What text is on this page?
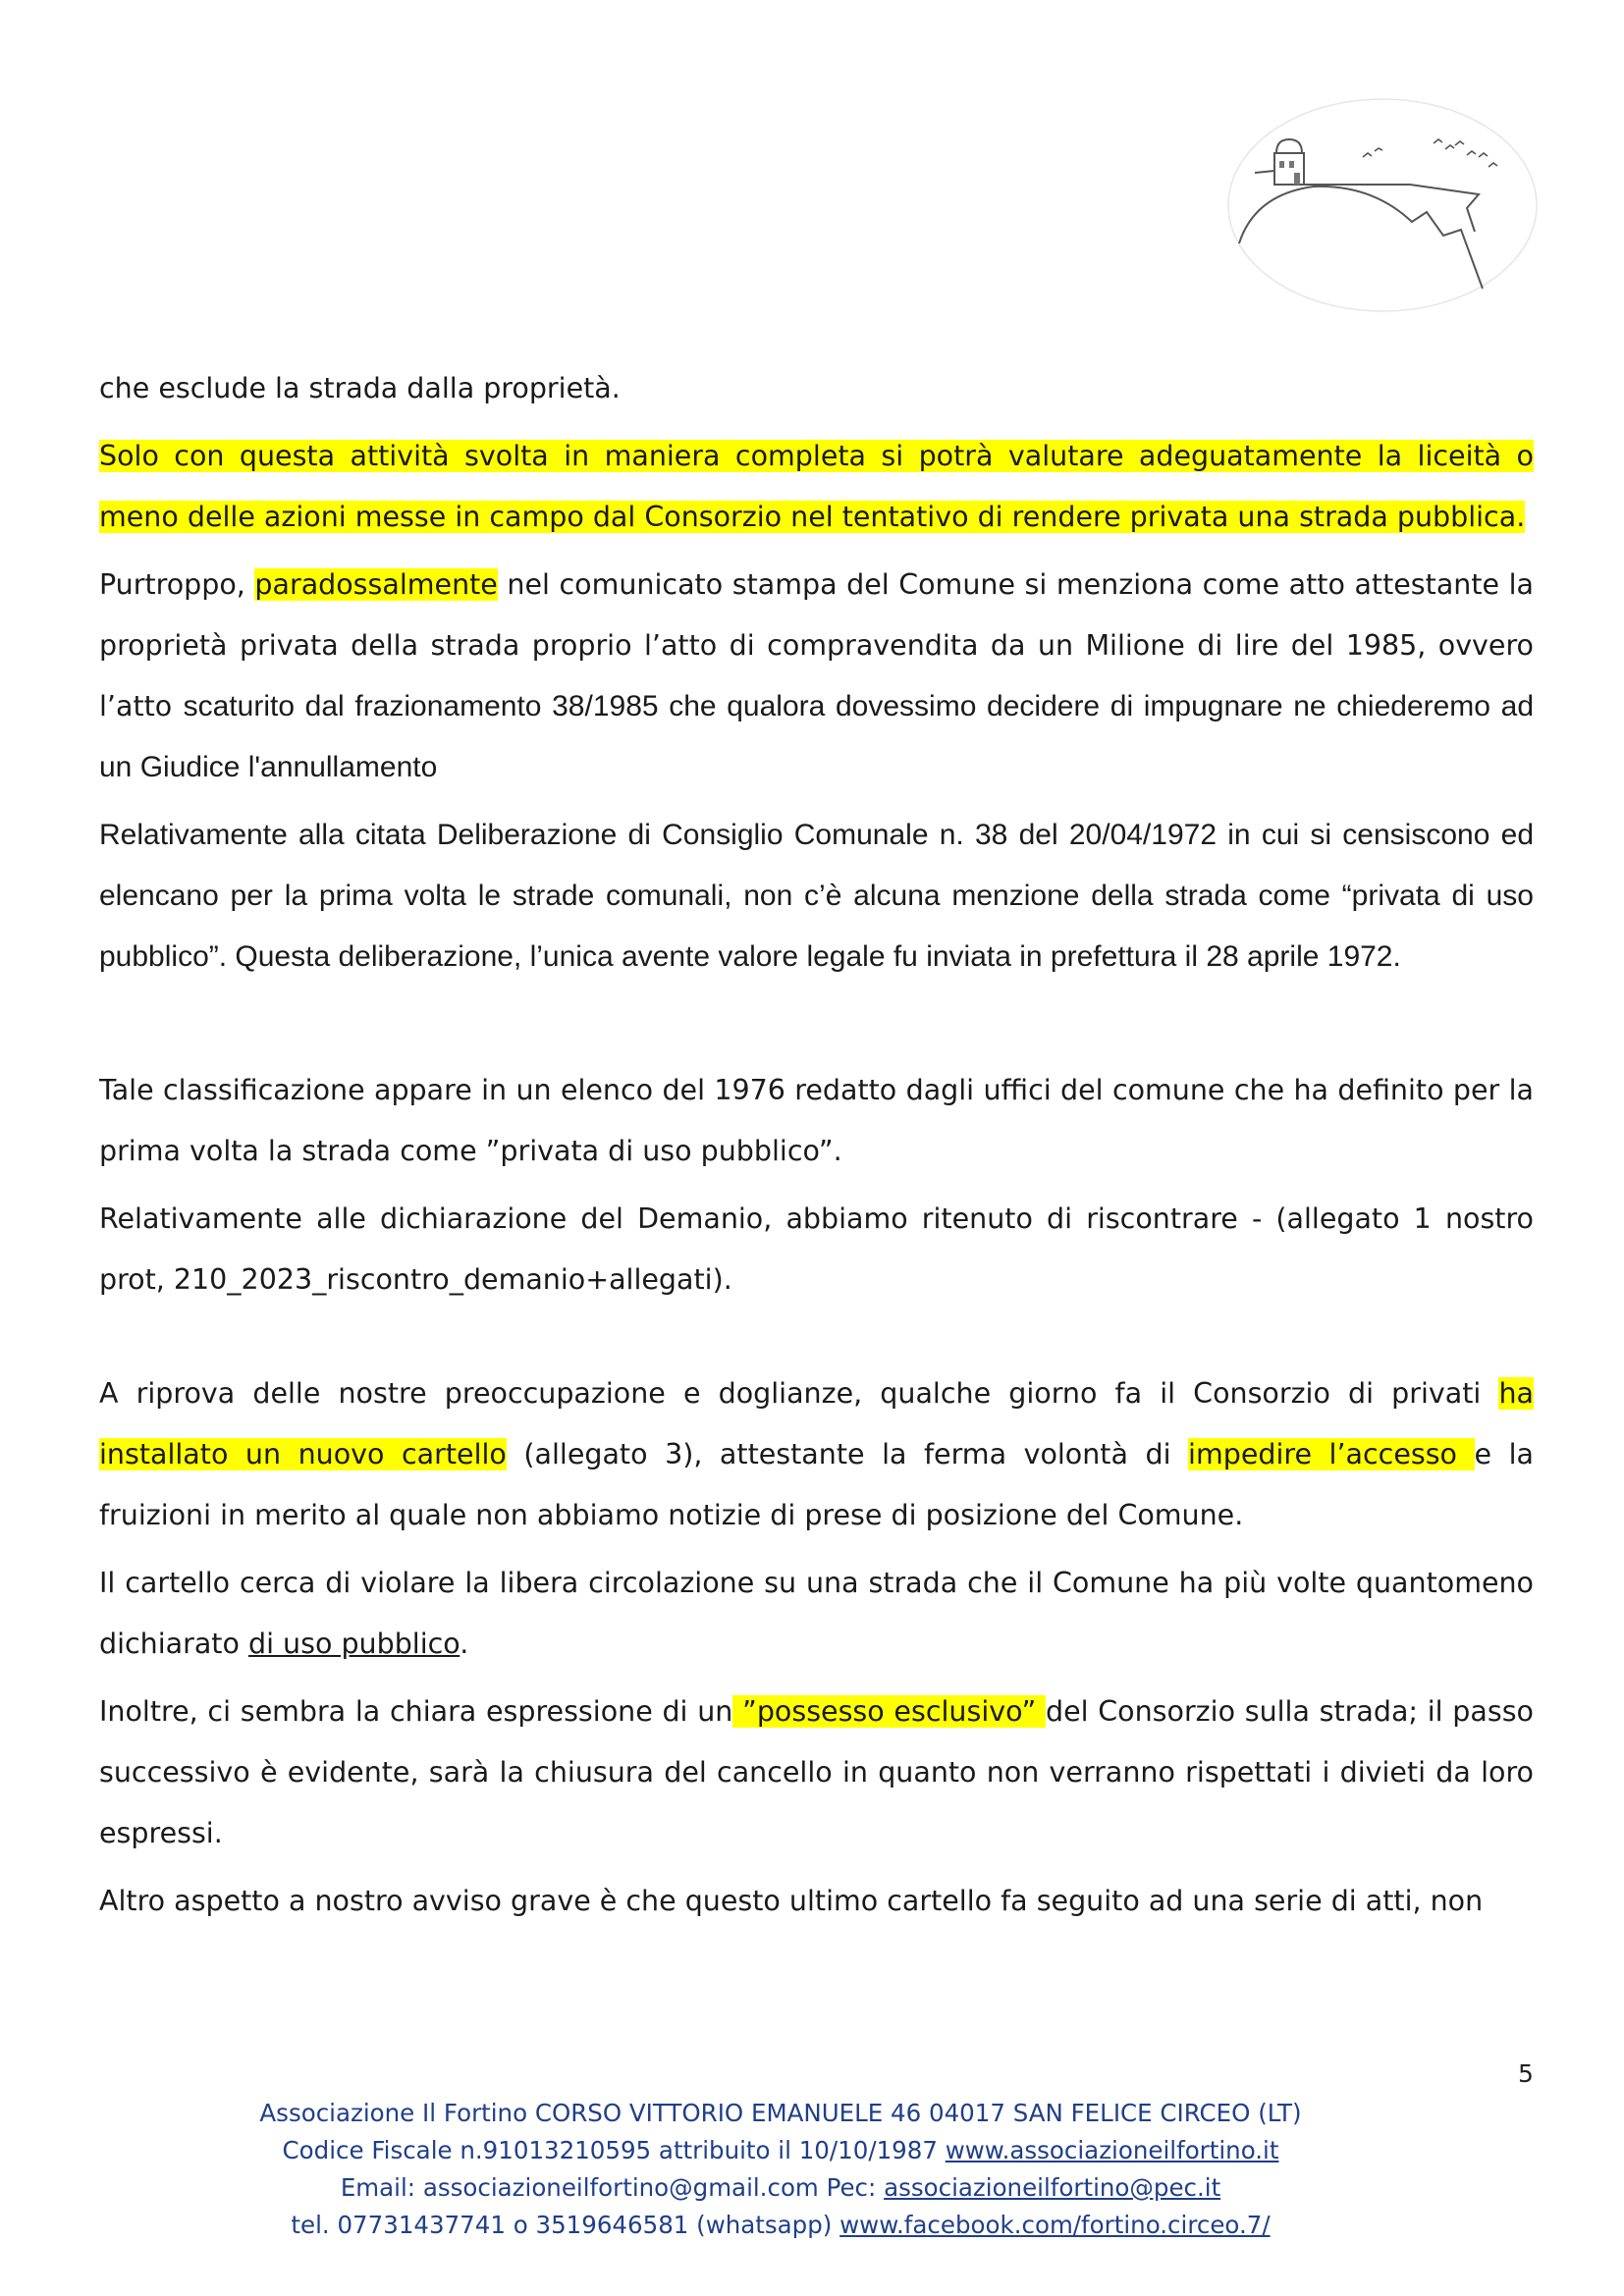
che esclude la strada dalla proprietà.

Solo con questa attività svolta in maniera completa si potrà valutare adeguatamente la liceità o meno delle azioni messe in campo dal Consorzio nel tentativo di rendere privata una strada pubblica.

Purtroppo, paradossalmente nel comunicato stampa del Comune si menziona come atto attestante la proprietà privata della strada proprio l’atto di compravendita da un Milione di lire del 1985, ovvero l’atto scaturito dal frazionamento 38/1985 che qualora dovessimo decidere di impugnare ne chiederemo ad un Giudice l'annullamento

Relativamente alla citata Deliberazione di Consiglio Comunale n. 38 del 20/04/1972 in cui si censiscono ed elencano per la prima volta le strade comunali, non c’è alcuna menzione della strada come “privata di uso pubblico”. Questa deliberazione, l’unica avente valore legale fu inviata in prefettura il 28 aprile 1972.

Tale classificazione appare in un elenco del 1976 redatto dagli uffici del comune che ha definito per la prima volta la strada come ”privata di uso pubblico”.

Relativamente alle dichiarazione del Demanio, abbiamo ritenuto di riscontrare - (allegato 1 nostro prot, 210_2023_riscontro_demanio+allegati).

A riprova delle nostre preoccupazione e doglianze, qualche giorno fa il Consorzio di privati ha installato un nuovo cartello (allegato 3), attestante la ferma volontà di impedire l’accesso e la fruizioni in merito al quale non abbiamo notizie di prese di posizione del Comune.

Il cartello cerca di violare la libera circolazione su una strada che il Comune ha più volte quantomeno dichiarato di uso pubblico.

Inoltre, ci sembra la chiara espressione di un ”possesso esclusivo” del Consorzio sulla strada; il passo successivo è evidente, sarà la chiusura del cancello in quanto non verranno rispettati i divieti da loro espressi.

Altro aspetto a nostro avviso grave è che questo ultimo cartello fa seguito ad una serie di atti, non

5
Associazione Il Fortino CORSO VITTORIO EMANUELE 46 04017 SAN FELICE CIRCEO (LT)
Codice Fiscale n.91013210595 attribuito il 10/10/1987 www.associazioneilfortino.it
Email: associazioneilfortino@gmail.com Pec: associazioneilfortino@pec.it
tel. 07731437741 o 3519646581 (whatsapp) www.facebook.com/fortino.circeo.7/
